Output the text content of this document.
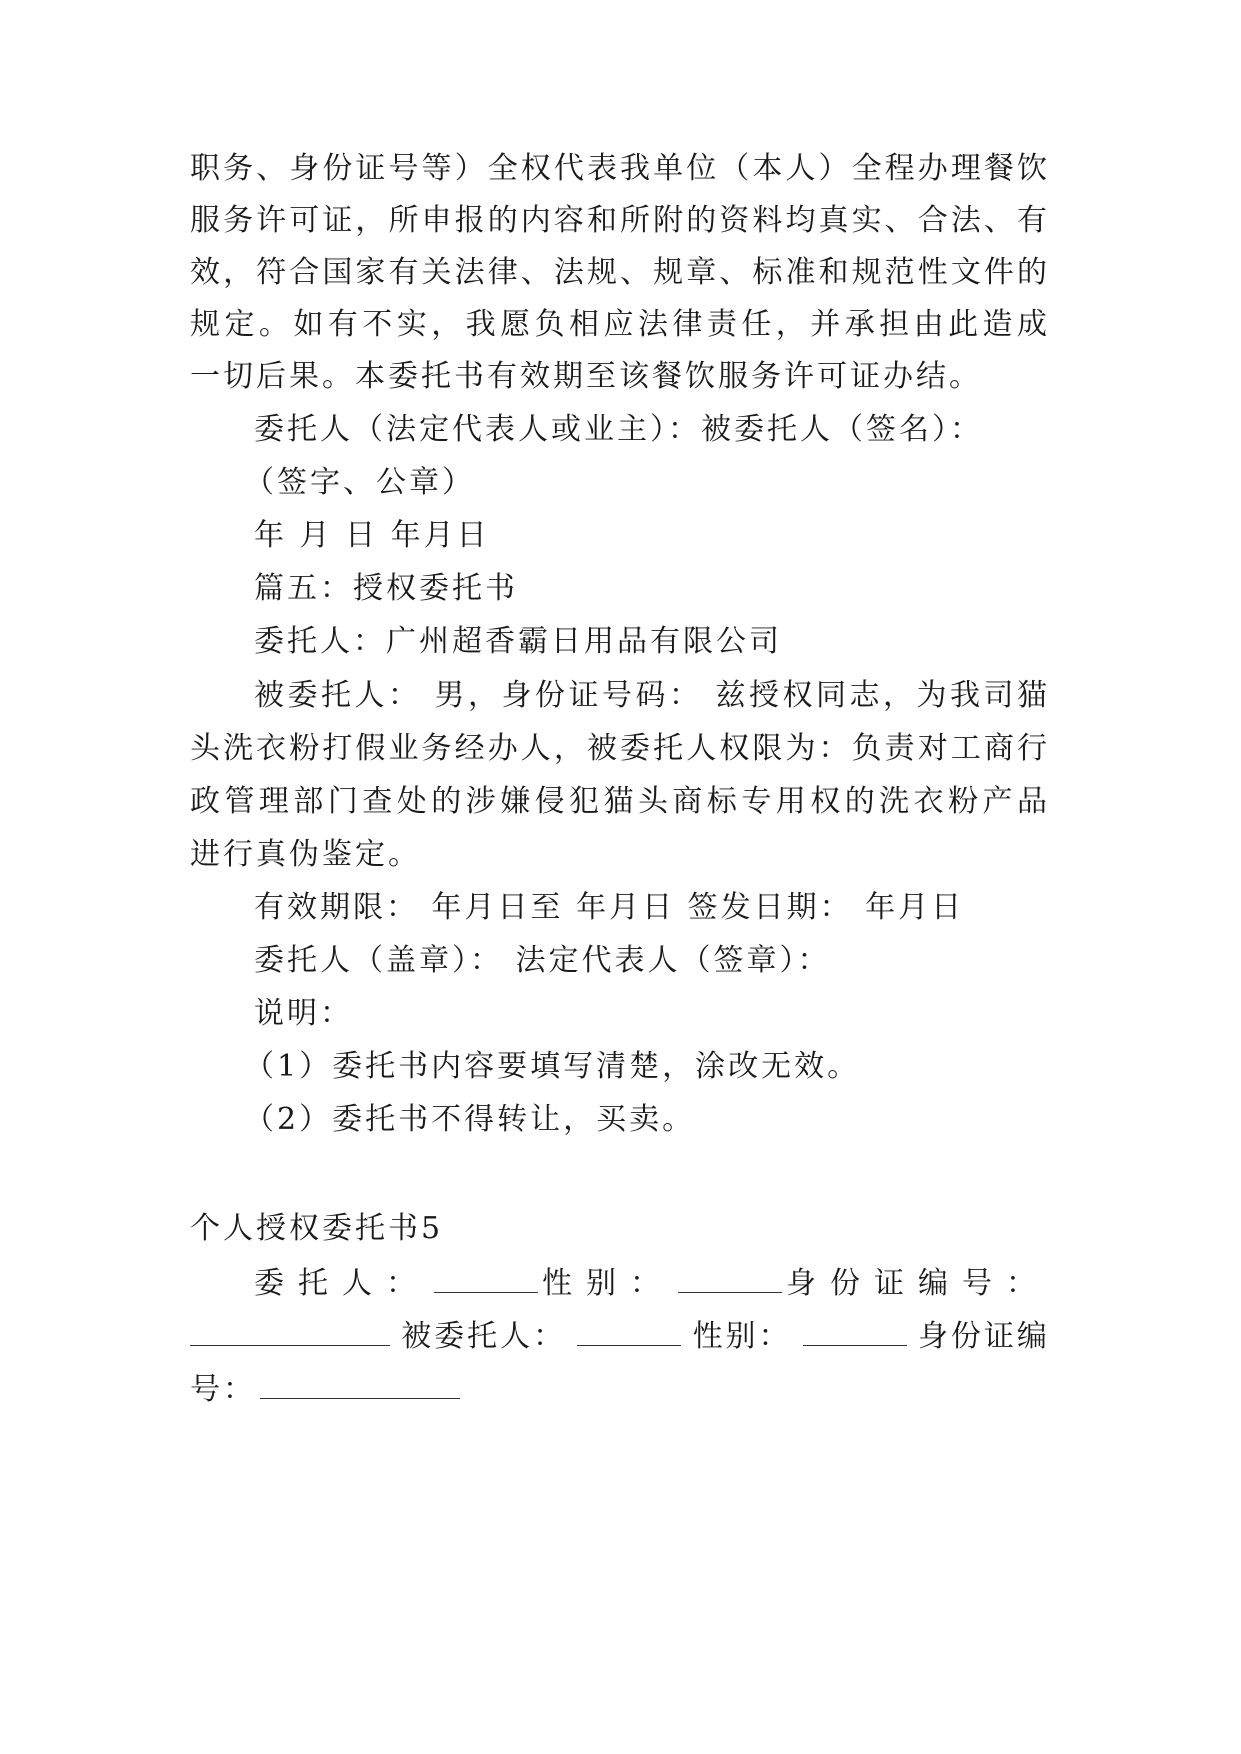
职务、身份证号等）全权代表我单位（本人）全程办理餐饮
服务许可证，所申报的内容和所附的资料均真实、合法、有
效，符合国家有关法律、法规、规章、标准和规范性文件的
规定。如有不实，我愿负相应法律责任，并承担由此造成
一切后果。本委托书有效期至该餐饮服务许可证办结。
委托人（法定代表人或业主）：被委托人（签名）：
（签字、公章）
年 月 日 年月日
篇五：授权委托书
委托人：广州超香霸日用品有限公司
被委托人： 男，身份证号码： 兹授权同志，为我司猫
头洗衣粉打假业务经办人，被委托人权限为：负责对工商行
政管理部门查处的涉嫌侵犯猫头商标专用权的洗衣粉产品
进行真伪鉴定。
有效期限： 年月日至 年月日 签发日期： 年月日
委托人（盖章）： 法定代表人（签章）：
说明：
（1）委托书内容要填写清楚，涂改无效。
（2）委托书不得转让，买卖。
个人授权委托书5
委托人：	性别：	身份证编号：
被委托人：	性别：	身份证编
号：
